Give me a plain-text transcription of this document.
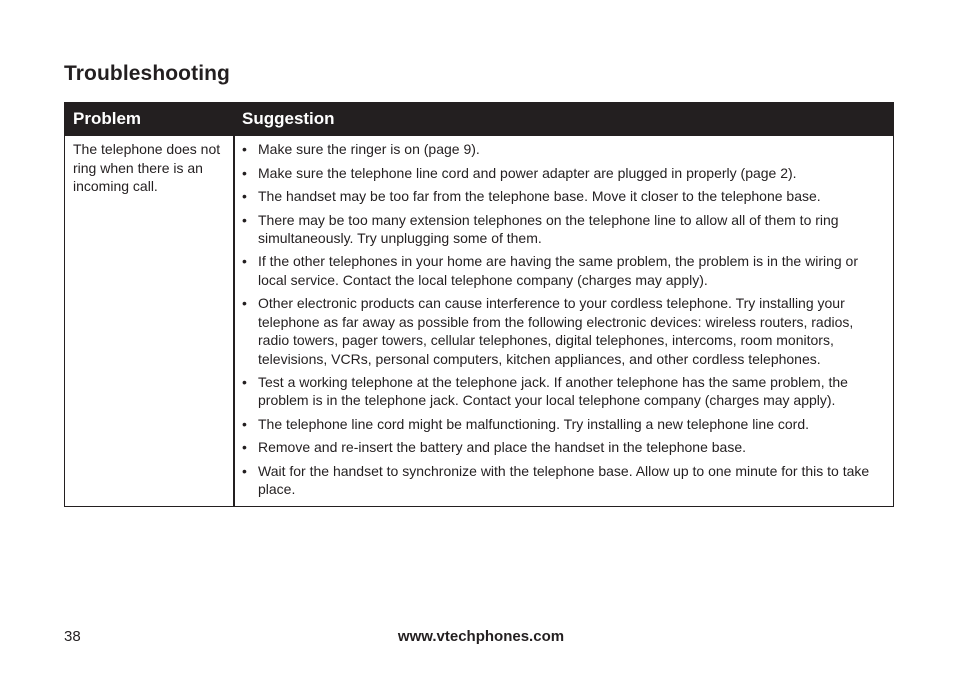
Troubleshooting
Problem	Suggestion
The telephone does not ring when there is an incoming call.
• Make sure the ringer is on (page 9).
• Make sure the telephone line cord and power adapter are plugged in properly (page 2).
• The handset may be too far from the telephone base. Move it closer to the telephone base.
• There may be too many extension telephones on the telephone line to allow all of them to ring simultaneously. Try unplugging some of them.
• If the other telephones in your home are having the same problem, the problem is in the wiring or local service. Contact the local telephone company (charges may apply).
• Other electronic products can cause interference to your cordless telephone. Try installing your telephone as far away as possible from the following electronic devices: wireless routers, radios, radio towers, pager towers, cellular telephones, digital telephones, intercoms, room monitors, televisions, VCRs, personal computers, kitchen appliances, and other cordless telephones.
• Test a working telephone at the telephone jack. If another telephone has the same problem, the problem is in the telephone jack. Contact your local telephone company (charges may apply).
• The telephone line cord might be malfunctioning. Try installing a new telephone line cord.
• Remove and re-insert the battery and place the handset in the telephone base.
• Wait for the handset to synchronize with the telephone base. Allow up to one minute for this to take place.
38	www.vtechphones.com
